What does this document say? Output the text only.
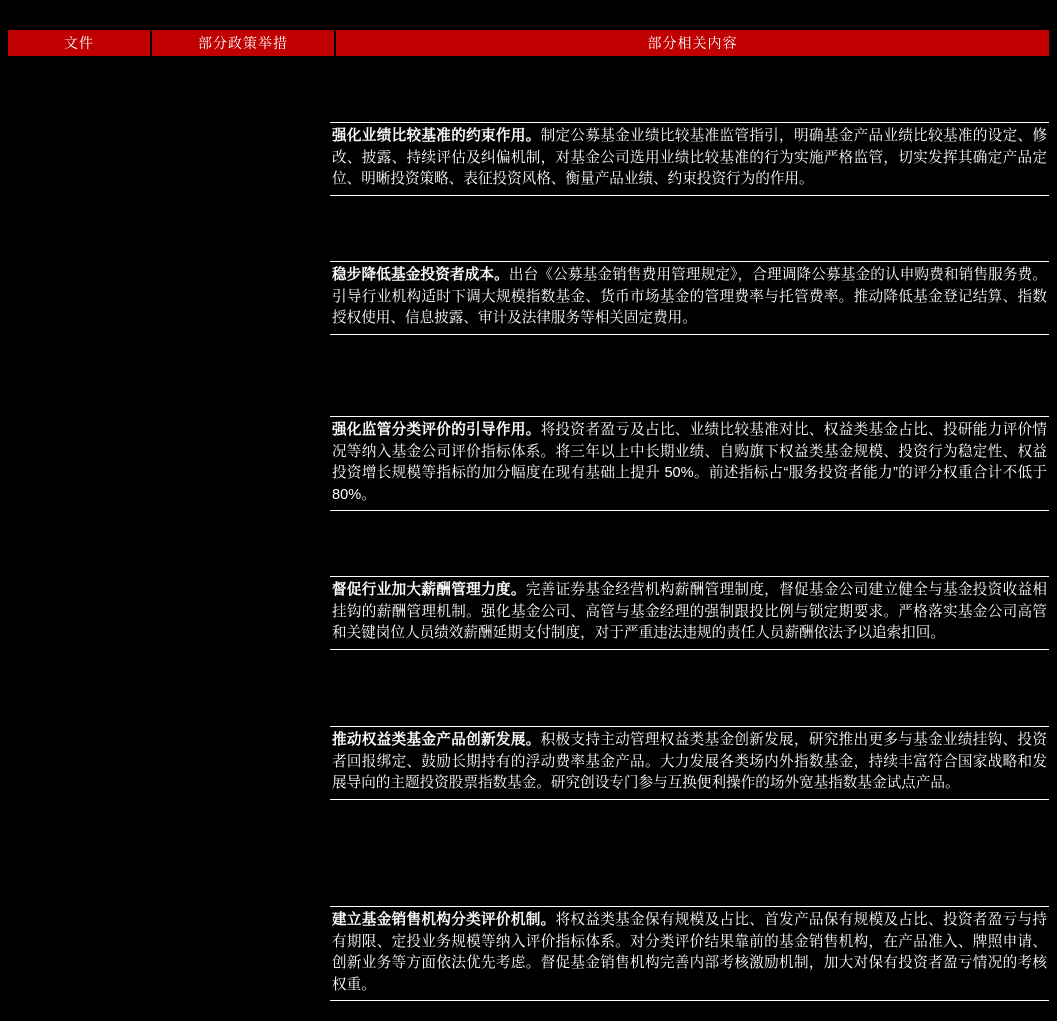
文件	部分政策举措	部分相关内容
强化业绩比较基准的约束作用。制定公募基金业绩比较基准监管指引，明确基金产品业绩比较基准的设定、修改、披露、持续评估及纠偏机制，对基金公司选用业绩比较基准的行为实施严格监管，切实发挥其确定产品定位、明晰投资策略、表征投资风格、衡量产品业绩、约束投资行为的作用。
稳步降低基金投资者成本。出台《公募基金销售费用管理规定》，合理调降公募基金的认申购费和销售服务费。引导行业机构适时下调大规模指数基金、货币市场基金的管理费率与托管费率。推动降低基金登记结算、指数授权使用、信息披露、审计及法律服务等相关固定费用。
强化监管分类评价的引导作用。将投资者盈亏及占比、业绩比较基准对比、权益类基金占比、投研能力评价情况等纳入基金公司评价指标体系。将三年以上中长期业绩、自购旗下权益类基金规模、投资行为稳定性、权益投资增长规模等指标的加分幅度在现有基础上提升 50%。前述指标占“服务投资者能力”的评分权重合计不低于 80%。
督促行业加大薪酬管理力度。完善证券基金经营机构薪酬管理制度，督促基金公司建立健全与基金投资收益相挂钩的薪酬管理机制。强化基金公司、高管与基金经理的强制跟投比例与锁定期要求。严格落实基金公司高管和关键岗位人员绩效薪酬延期支付制度，对于严重违法违规的责任人员薪酬依法予以追索扣回。
推动权益类基金产品创新发展。积极支持主动管理权益类基金创新发展，研究推出更多与基金业绩挂钩、投资者回报绑定、鼓励长期持有的浮动费率基金产品。大力发展各类场内外指数基金，持续丰富符合国家战略和发展导向的主题投资股票指数基金。研究创设专门参与互换便利操作的场外宽基指数基金试点产品。
建立基金销售机构分类评价机制。将权益类基金保有规模及占比、首发产品保有规模及占比、投资者盈亏与持有期限、定投业务规模等纳入评价指标体系。对分类评价结果靠前的基金销售机构，在产品准入、牌照申请、创新业务等方面依法优先考虑。督促基金销售机构完善内部考核激励机制，加大对保有投资者盈亏情况的考核权重。
